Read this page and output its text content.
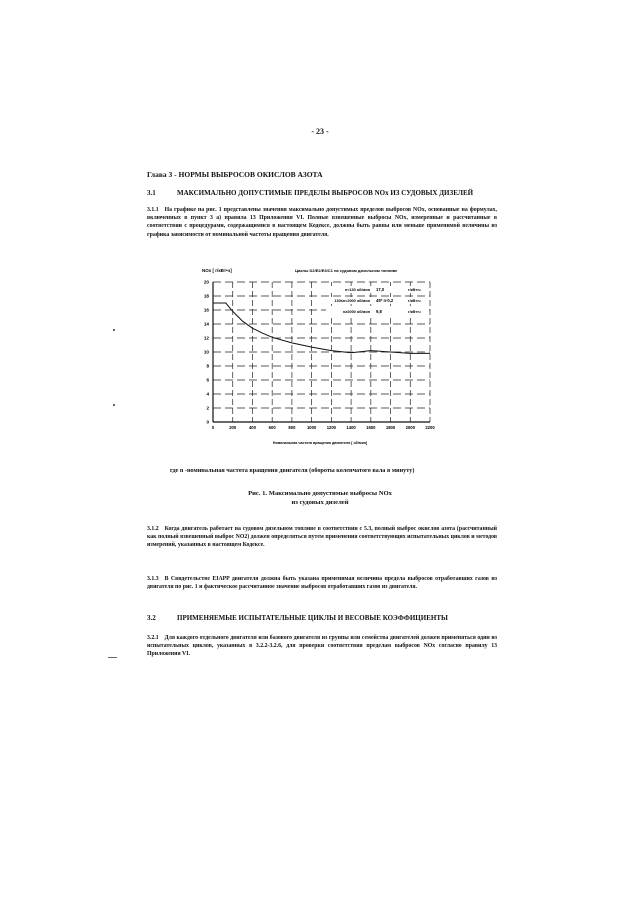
- 23 -
Глава 3 - НОРМЫ ВЫБРОСОВ ОКИСЛОВ АЗОТА
3.1	МАКСИМАЛЬНО ДОПУСТИМЫЕ ПРЕДЕЛЫ ВЫБРОСОВ NOx ИЗ СУДОВЫХ ДИЗЕЛЕЙ
3.1.1 На графике на рис. 1 представлены значения максимально допустимых пределов выбросов NOx, основанные на формулах, включенных в пункт 3 а) правила 13 Приложения VI. Полные взвешенные выбросы NOx, измеренные и рассчитанные в соответствии с процедурами, содержащимися в настоящем Кодексе, должны быть равны или меньше применимой величины из графика зависимости от номинальной частоты вращения двигателя.
NOx [ г/кВт•ч]	Циклы D2/E2/E3/C1 на судовом дизельном топливе
0
2
4
6
8
10
12
14
16
18
20
0	200	400	600	800	1000 1200 1400 1600 1800 2000 2200
n<130 об/мин 17,0	г/кВт•ч
130≤n<2000 об/мин 45* n-0,2	г/кВт•ч
n≥2000 об/мин 9,8	г/кВт•ч
Номинальная частота вращения двигателя [ об/мин]
где n -номинальная частота вращения двигателя (обороты коленчатого вала в минуту)
Рис. 1. Максимально допустимые выбросы NOx
из судовых дизелей
3.1.2 Когда двигатель работает на судовом дизельном топливе в соответствии с 5.3, полный выброс окислов азота (рассчитанный как полный взвешенный выброс NO2) должен определяться путем применения соответствующих испытательных циклов и методов измерений, указанных в настоящем Кодексе.
3.1.3 В Свидетельстве EIAPP двигателя должна быть указана применимая величина предела выбросов отработавших газов из двигателя по рис. 1 и фактическое рассчитанное значение выбросов отработавших газов из двигателя.
3.2	ПРИМЕНЯЕМЫЕ ИСПЫТАТЕЛЬНЫЕ ЦИКЛЫ И ВЕСОВЫЕ КОЭФФИЦИЕНТЫ
3.2.1 Для каждого отдельного двигателя или базового двигателя из группы или семейства двигателей должен применяться один из испытательных циклов, указанных в 3.2.2-3.2.6, для проверки соответствия пределам выбросов NOx согласно правилу 13 Приложения VI.
